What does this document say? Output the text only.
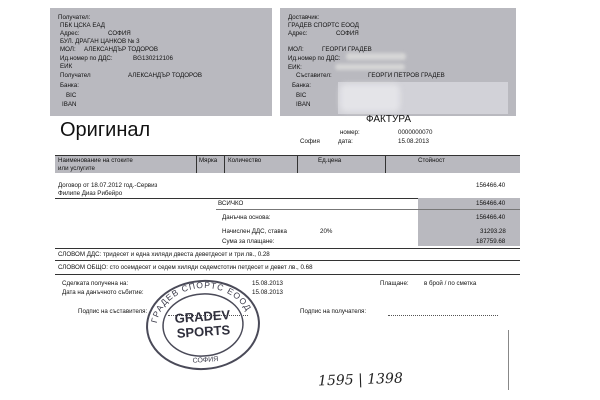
Получател:
ПБК ЦСКА ЕАД
Адрес:	СОФИЯ
БУЛ. ДРАГАН ЦАНКОВ № 3
МОЛ: АЛЕКСАНДЪР ТОДОРОВ
Ид.номер по ДДС:	BG130212106
ЕИК
Получател	АЛЕКСАНДЪР ТОДОРОВ
Банка:
BIC
IBAN
Доставчик:
ГРАДЕВ СПОРТС ЕООД
Адрес:	СОФИЯ
МОЛ:	ГЕОРГИ ГРАДЕВ
Ид.номер по ДДС:
ЕИК:
Съставител:	ГЕОРГИ ПЕТРОВ ГРАДЕВ
Банка:
BIC
IBAN
Оригинал	ФАКТУРА
номер:	0000000070
София	дата:	15.08.2013
Наименование на стоките
или услугите
Мярка Количество	Ед.цена	Стойност
Договор от 18.07.2012 год.-Сервиз
Филипе Диаз Рибейро
156466.40
ВСИЧКО	156466.40
Данъчна основа:	156466.40
Начислен ДДС, ставка	20%	31293.28
Сума за плащане:	187759.68
СЛОВОМ ДДС: тридесет и една хиляди двеста деветдесет и три лв., 0.28
СЛОВОМ ОБЩО: сто осемдесет и седем хиляди седемстотин петдесет и девет лв., 0.68
Сделката получена на:	15.08.2013	Плащане: в брой / по сметка
Дата на данъчното събитие:	15.08.2013
Подпис на съставителя:	Подпис на получателя:
ГРАДЕВ СПОРТС ЕООД
GRADEV
SPORTS
СОФИЯ
1595 | 1398
